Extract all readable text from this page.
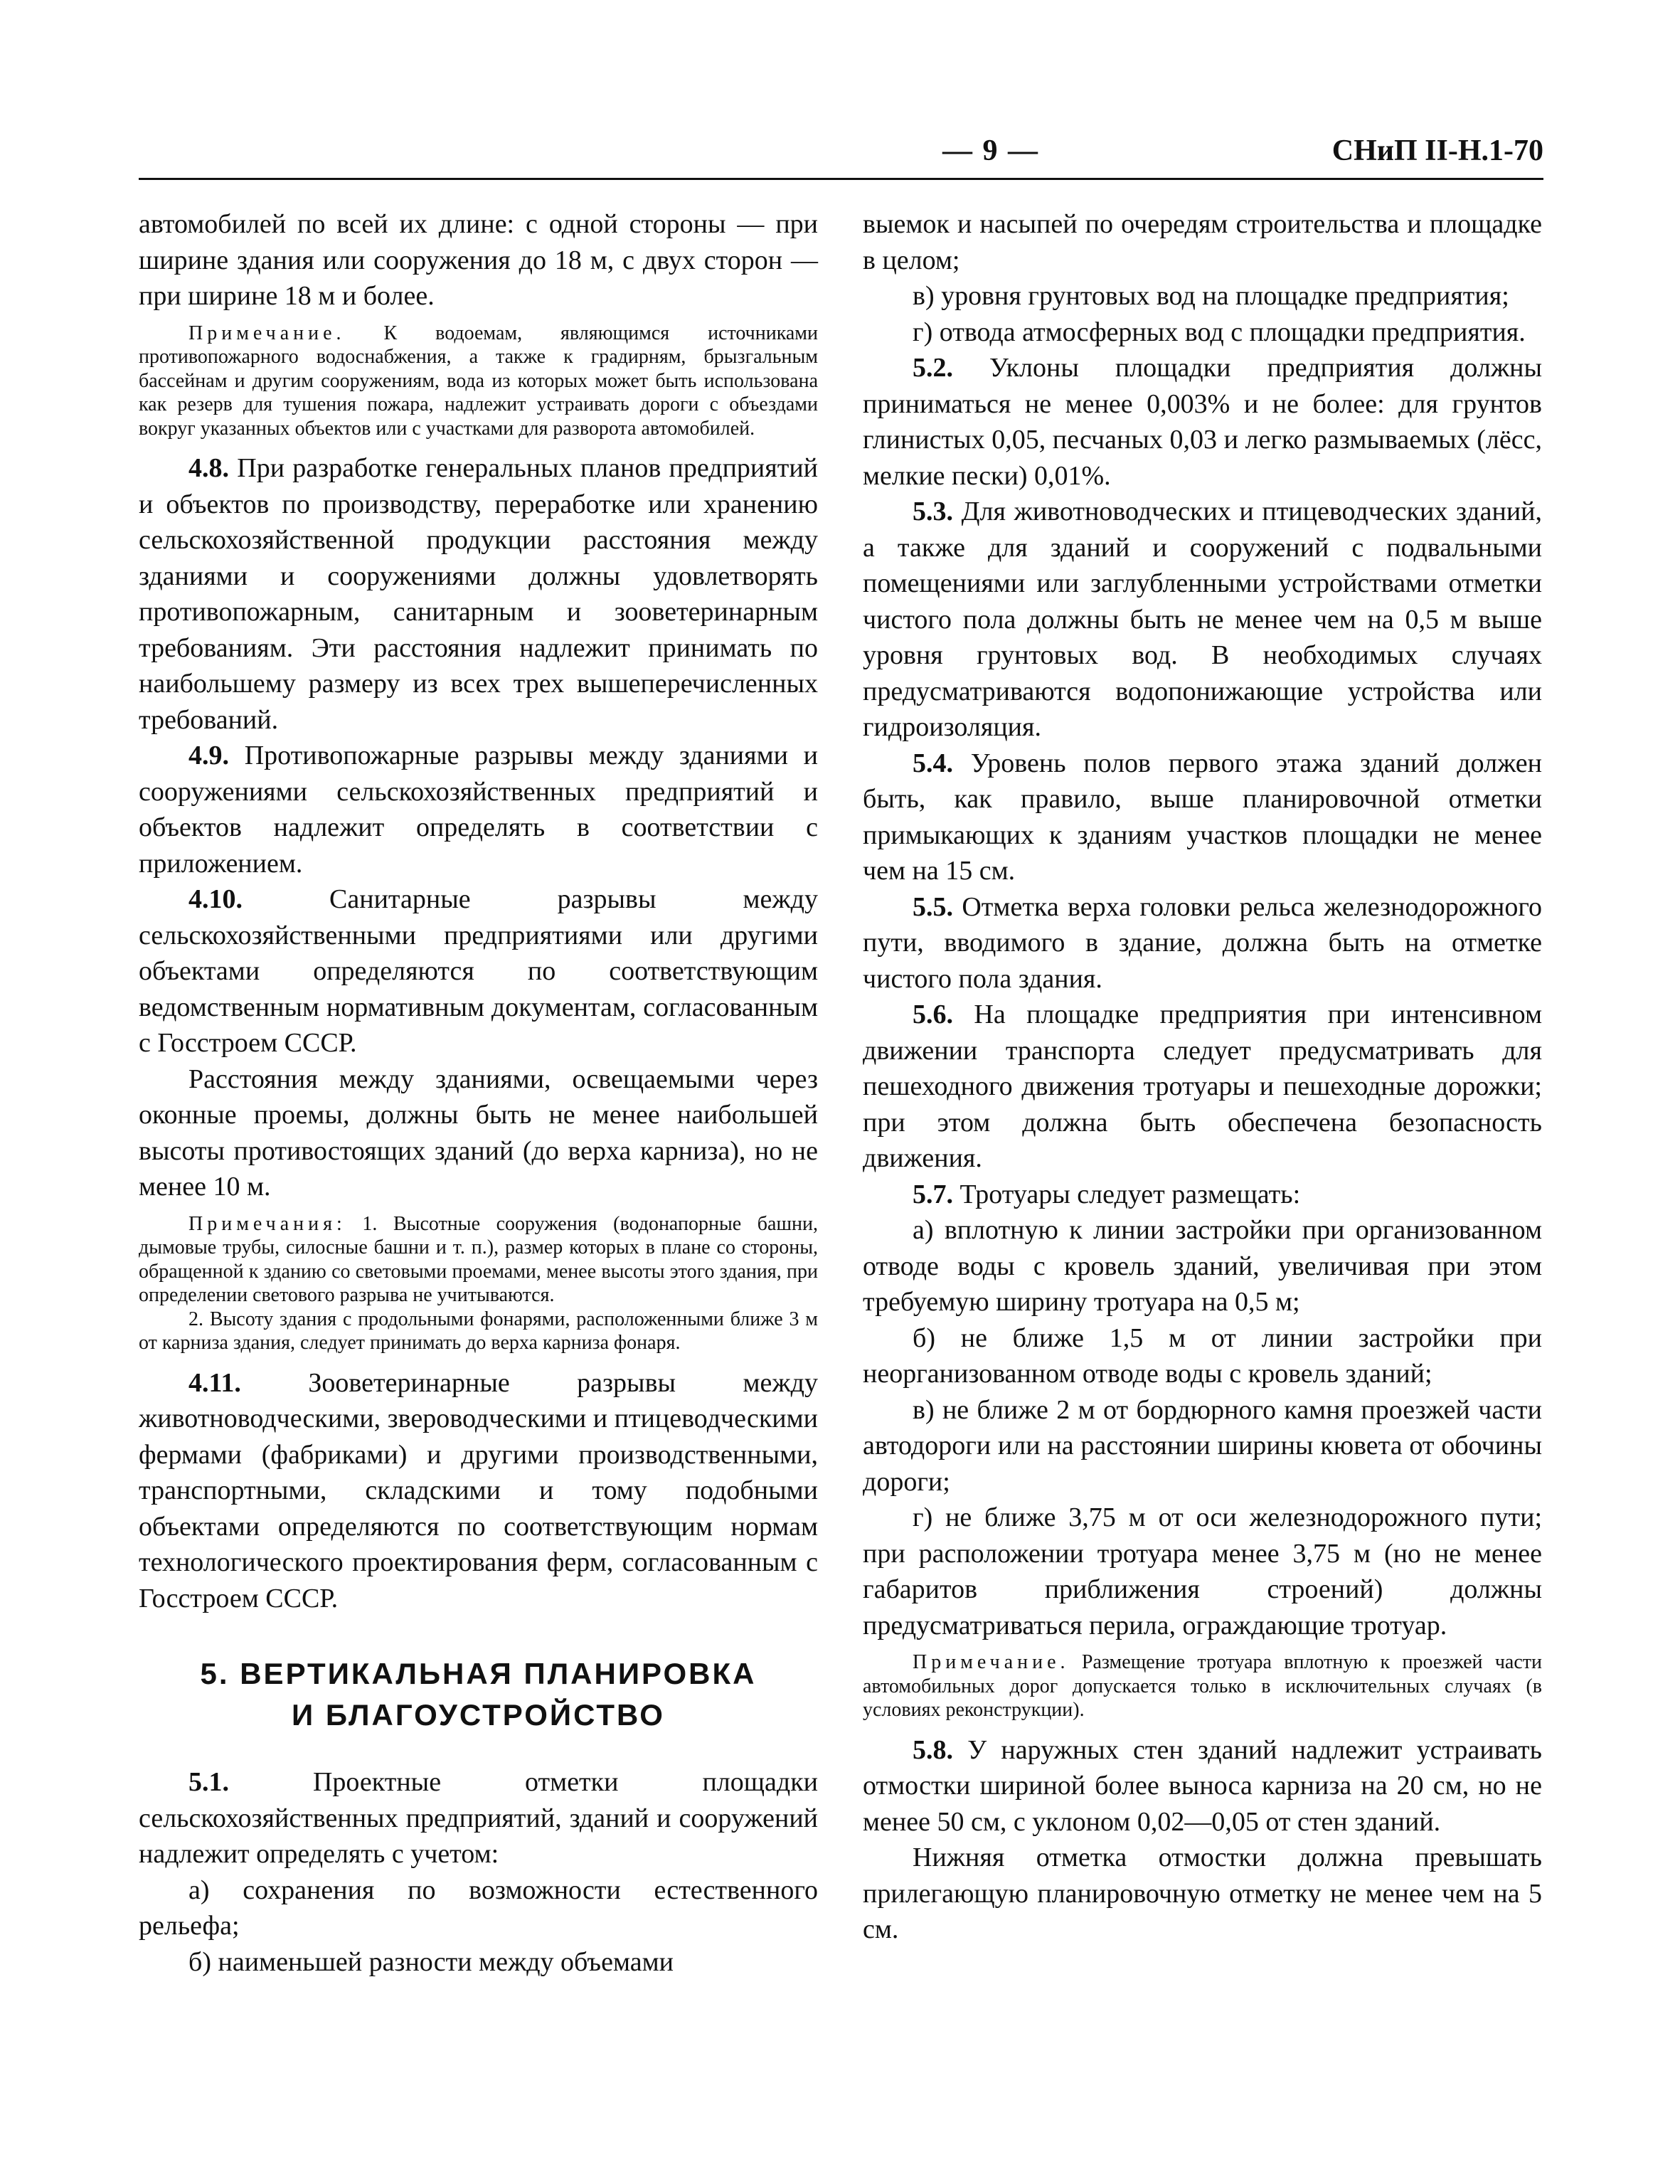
— 9 —	СНиП II-Н.1-70

автомобилей по всей их длине: с одной стороны — при ширине здания или сооружения до 18 м, с двух сторон — при ширине 18 м и более.

Примечание. К водоемам, являющимся источниками противопожарного водоснабжения, а также к градирням, брызгальным бассейнам и другим сооружениям, вода из которых может быть использована как резерв для тушения пожара, надлежит устраивать дороги с объездами вокруг указанных объектов или с участками для разворота автомобилей.

4.8. При разработке генеральных планов предприятий и объектов по производству, переработке или хранению сельскохозяйственной продукции расстояния между зданиями и сооружениями должны удовлетворять противопожарным, санитарным и зооветеринарным требованиям. Эти расстояния надлежит принимать по наибольшему размеру из всех трех вышеперечисленных требований.

4.9. Противопожарные разрывы между зданиями и сооружениями сельскохозяйственных предприятий и объектов надлежит определять в соответствии с приложением.

4.10.	Санитарные разрывы между сельскохозяйственными предприятиями или другими объектами определяются по соответствующим ведомственным нормативным документам, согласованным с Госстроем СССР.

Расстояния между зданиями, освещаемыми через оконные проемы, должны быть не менее наибольшей высоты противостоящих зданий (до верха карниза), но не менее 10 м.

Примечания: 1. Высотные сооружения (водонапорные башни, дымовые трубы, силосные башни и т. п.), размер которых в плане со стороны, обращенной к зданию со световыми проемами, менее высоты этого здания, при определении светового разрыва не учитываются.

2. Высоту здания с продольными фонарями, расположенными ближе 3 м от карниза здания, следует принимать до верха карниза фонаря.

4.11. Зооветеринарные разрывы между животноводческими, звероводческими и птицеводческими фермами (фабриками) и другими производственными, транспортными, складскими и тому подобными объектами определяются по соответствующим нормам технологического проектирования ферм, согласованным с Госстроем СССР.

5. ВЕРТИКАЛЬНАЯ ПЛАНИРОВКА
И БЛАГОУСТРОЙСТВО

5.1.	Проектные отметки площадки сельскохозяйственных предприятий, зданий и сооружений надлежит определять с учетом:

а) сохранения по возможности естественного рельефа;

б) наименьшей разности между объемами

выемок и насыпей по очередям строительства и площадке в целом;

в) уровня грунтовых вод на площадке предприятия;

г) отвода атмосферных вод с площадки предприятия.

5.2. Уклоны площадки предприятия должны приниматься не менее 0,003% и не более: для грунтов глинистых 0,05, песчаных 0,03 и легко размываемых (лёсс, мелкие пески) 0,01%.

5.3. Для животноводческих и птицеводческих зданий, а также для зданий и сооружений с подвальными помещениями или заглубленными устройствами отметки чистого пола должны быть не менее чем на 0,5 м выше уровня грунтовых вод. В необходимых случаях предусматриваются водопонижающие устройства или гидроизоляция.

5.4. Уровень полов первого этажа зданий должен быть, как правило, выше планировочной отметки примыкающих к зданиям участков площадки не менее чем на 15 см.

5.5. Отметка верха головки рельса железнодорожного пути, вводимого в здание, должна быть на отметке чистого пола здания.

5.6. На площадке предприятия при интенсивном движении транспорта следует предусматривать для пешеходного движения тротуары и пешеходные дорожки; при этом должна быть обеспечена безопасность движения.

5.7. Тротуары следует размещать:

а) вплотную к линии застройки при организованном отводе воды с кровель зданий, увеличивая при этом требуемую ширину тротуара на 0,5 м;

б) не ближе 1,5 м от линии застройки при неорганизованном отводе воды с кровель зданий;

в) не ближе 2 м от бордюрного камня проезжей части автодороги или на расстоянии ширины кювета от обочины дороги;

г) не ближе 3,75 м от оси железнодорожного пути; при расположении тротуара менее 3,75 м (но не менее габаритов приближения строений) должны предусматриваться перила, ограждающие тротуар.

Примечание. Размещение тротуара вплотную к проезжей части автомобильных дорог допускается только в исключительных случаях (в условиях реконструкции).

5.8. У наружных стен зданий надлежит устраивать отмостки шириной более выноса карниза на 20 см, но не менее 50 см, с уклоном 0,02—0,05 от стен зданий.

Нижняя отметка отмостки должна превышать прилегающую планировочную отметку не менее чем на 5 см.
